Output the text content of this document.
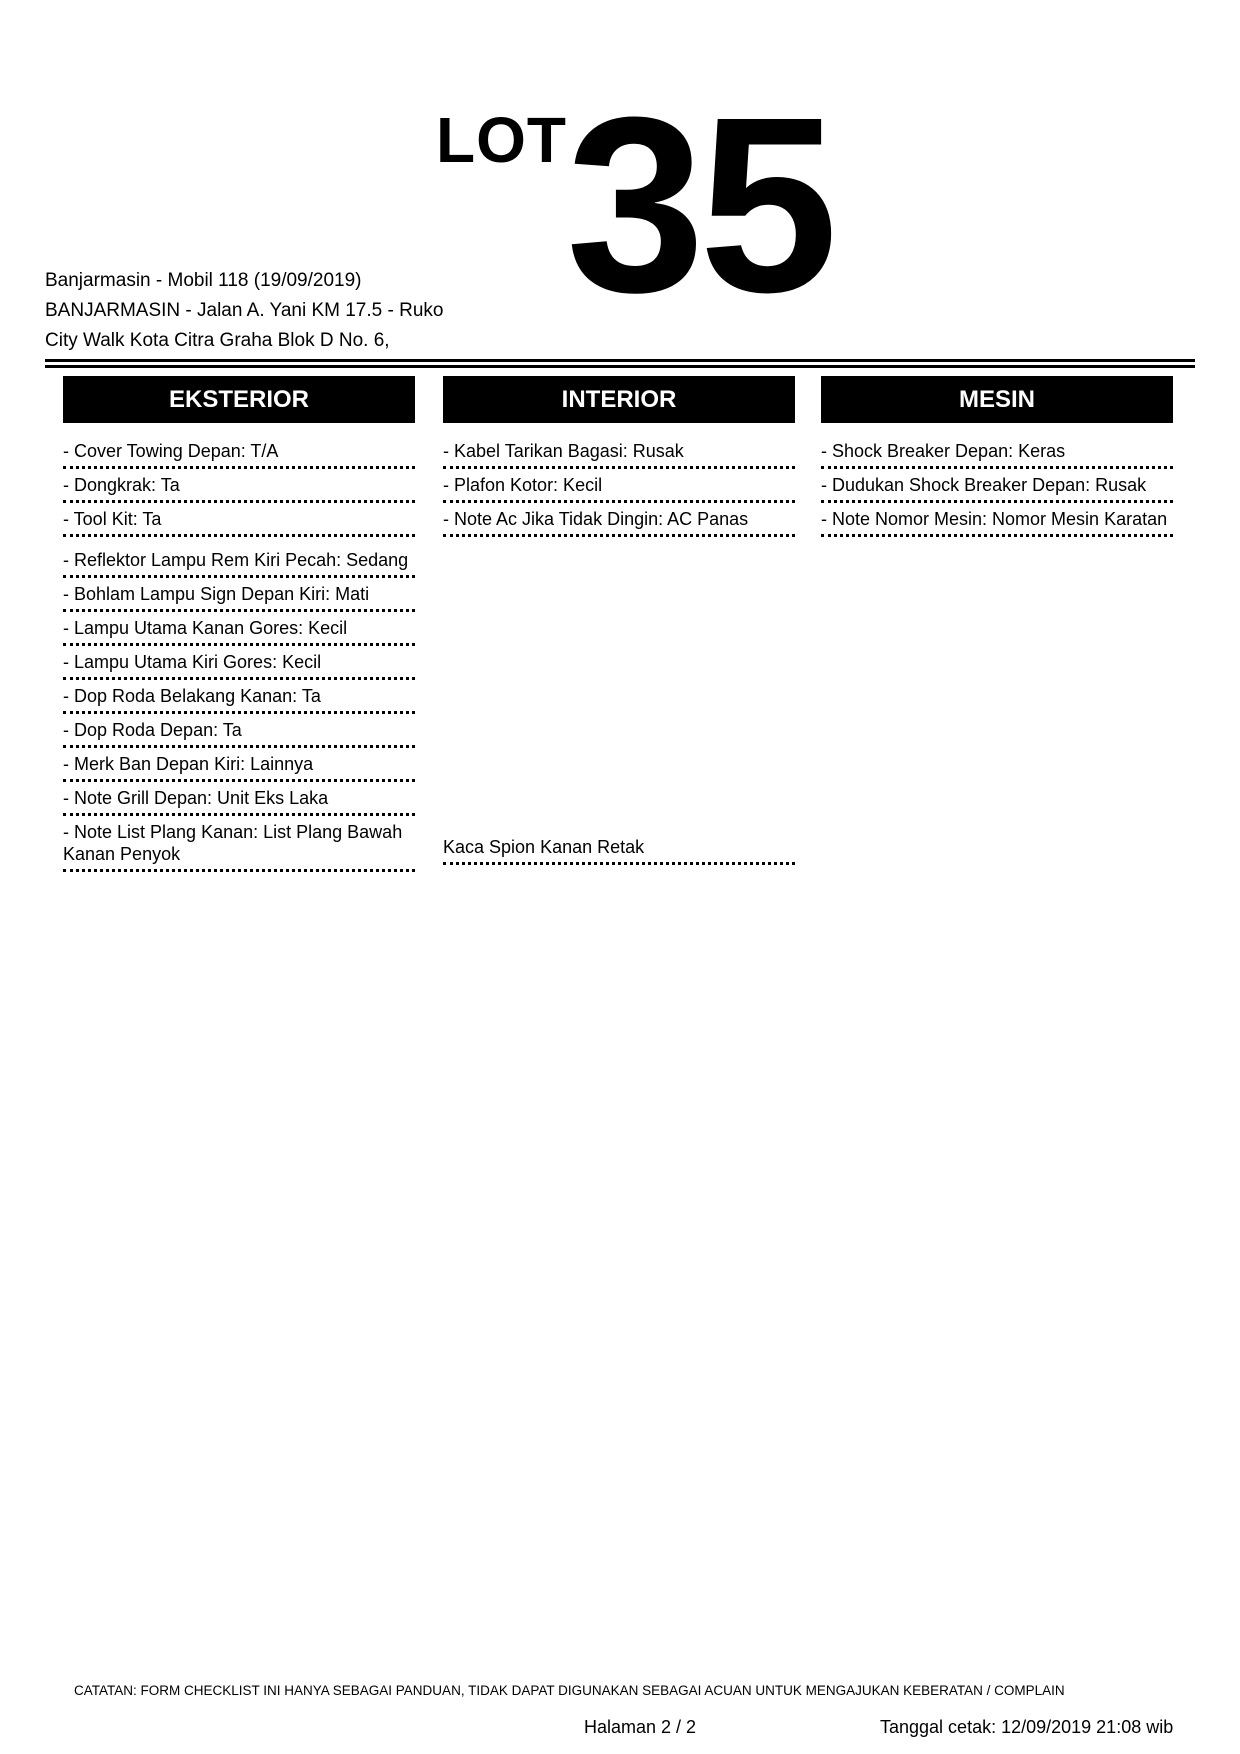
LOT 35
Banjarmasin - Mobil 118 (19/09/2019)
BANJARMASIN - Jalan A. Yani KM 17.5 - Ruko
City Walk Kota Citra Graha Blok D No. 6,
EKSTERIOR
- Cover Towing Depan: T/A
- Dongkrak: Ta
- Tool Kit: Ta
- Reflektor Lampu Rem Kiri Pecah: Sedang
- Bohlam Lampu Sign Depan Kiri: Mati
- Lampu Utama Kanan Gores: Kecil
- Lampu Utama Kiri Gores: Kecil
- Dop Roda Belakang Kanan: Ta
- Dop Roda Depan: Ta
- Merk Ban Depan Kiri: Lainnya
- Note Grill Depan: Unit Eks Laka
- Note List Plang Kanan: List Plang Bawah Kanan Penyok
INTERIOR
- Kabel Tarikan Bagasi: Rusak
- Plafon Kotor: Kecil
- Note Ac Jika Tidak Dingin: AC Panas
Kaca Spion Kanan Retak
MESIN
- Shock Breaker Depan: Keras
- Dudukan Shock Breaker Depan: Rusak
- Note Nomor Mesin: Nomor Mesin Karatan
CATATAN: FORM CHECKLIST INI HANYA SEBAGAI PANDUAN, TIDAK DAPAT DIGUNAKAN SEBAGAI ACUAN UNTUK MENGAJUKAN KEBERATAN / COMPLAIN
Halaman 2 / 2	Tanggal cetak: 12/09/2019 21:08 wib
